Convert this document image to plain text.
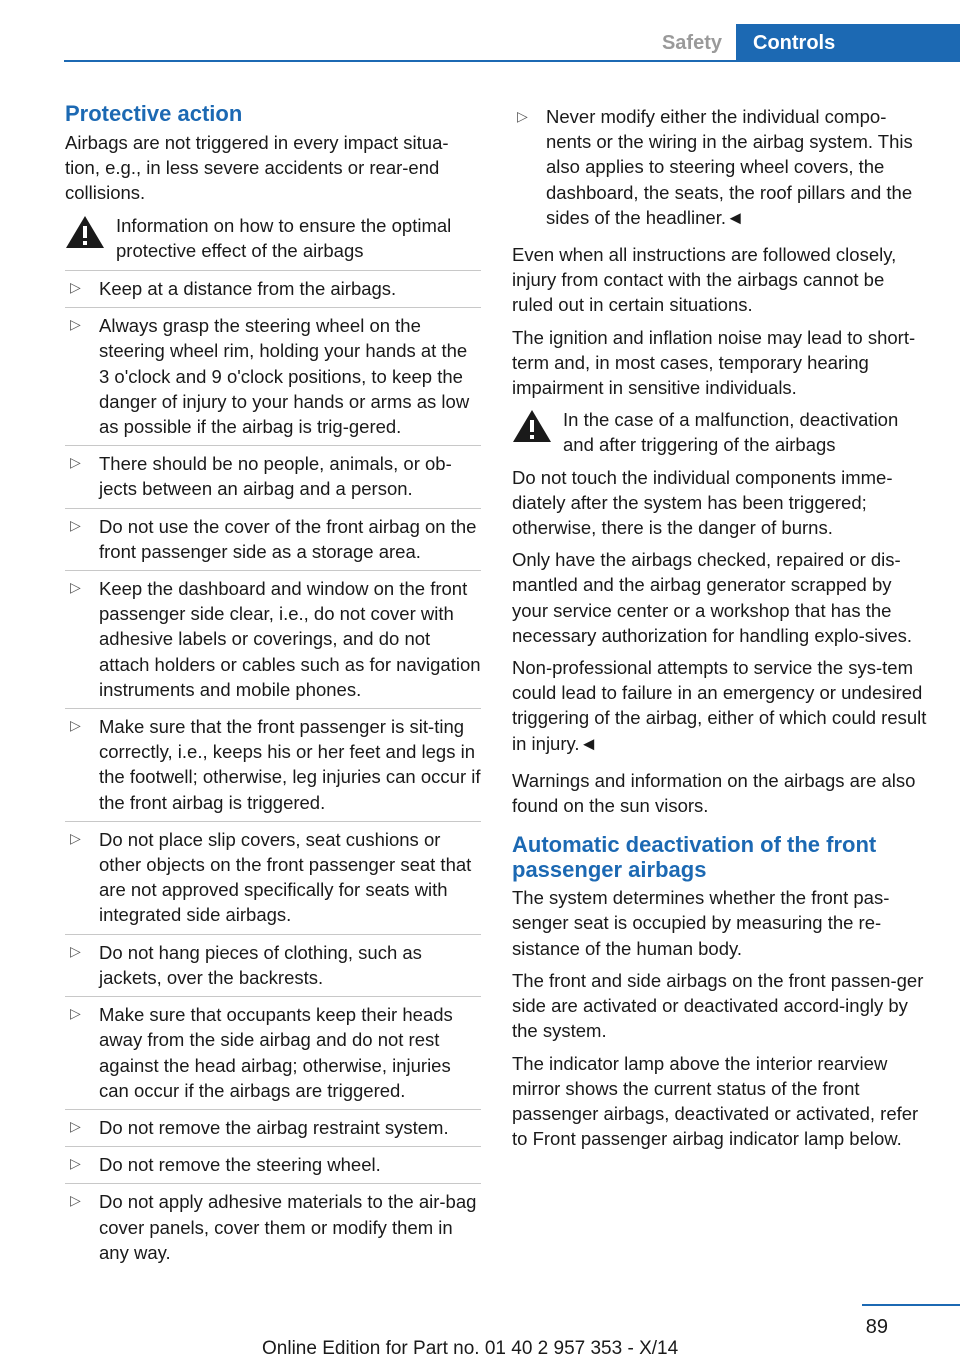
Safety	Controls
Protective action

Airbags are not triggered in every impact situa-tion, e.g., in less severe accidents or rear-end collisions.

Information on how to ensure the optimal protective effect of the airbags
▷ Keep at a distance from the airbags.
▷ Always grasp the steering wheel on the steering wheel rim, holding your hands at the 3 o'clock and 9 o'clock positions, to keep the danger of injury to your hands or arms as low as possible if the airbag is trig-gered.
▷ There should be no people, animals, or ob-jects between an airbag and a person.
▷ Do not use the cover of the front airbag on the front passenger side as a storage area.
▷ Keep the dashboard and window on the front passenger side clear, i.e., do not cover with adhesive labels or coverings, and do not attach holders or cables such as for navigation instruments and mobile phones.
▷ Make sure that the front passenger is sit-ting correctly, i.e., keeps his or her feet and legs in the footwell; otherwise, leg injuries can occur if the front airbag is triggered.
▷ Do not place slip covers, seat cushions or other objects on the front passenger seat that are not approved specifically for seats with integrated side airbags.
▷ Do not hang pieces of clothing, such as jackets, over the backrests.
▷ Make sure that occupants keep their heads away from the side airbag and do not rest against the head airbag; otherwise, injuries can occur if the airbags are triggered.
▷ Do not remove the airbag restraint system.
▷ Do not remove the steering wheel.
▷ Do not apply adhesive materials to the air-bag cover panels, cover them or modify them in any way.
▷ Never modify either the individual compo-nents or the wiring in the airbag system. This also applies to steering wheel covers, the dashboard, the seats, the roof pillars and the sides of the headliner.◄

Even when all instructions are followed closely, injury from contact with the airbags cannot be ruled out in certain situations.

The ignition and inflation noise may lead to short-term and, in most cases, temporary hearing impairment in sensitive individuals.

In the case of a malfunction, deactivation and after triggering of the airbags

Do not touch the individual components imme-diately after the system has been triggered; otherwise, there is the danger of burns.

Only have the airbags checked, repaired or dis-mantled and the airbag generator scrapped by your service center or a workshop that has the necessary authorization for handling explo-sives.

Non-professional attempts to service the sys-tem could lead to failure in an emergency or undesired triggering of the airbag, either of which could result in injury.◄

Warnings and information on the airbags are also found on the sun visors.

Automatic deactivation of the front passenger airbags

The system determines whether the front pas-senger seat is occupied by measuring the re-sistance of the human body.

The front and side airbags on the front passen-ger side are activated or deactivated accord-ingly by the system.

The indicator lamp above the interior rearview mirror shows the current status of the front passenger airbags, deactivated or activated, refer to Front passenger airbag indicator lamp below.

89
Online Edition for Part no. 01 40 2 957 353 - X/14
